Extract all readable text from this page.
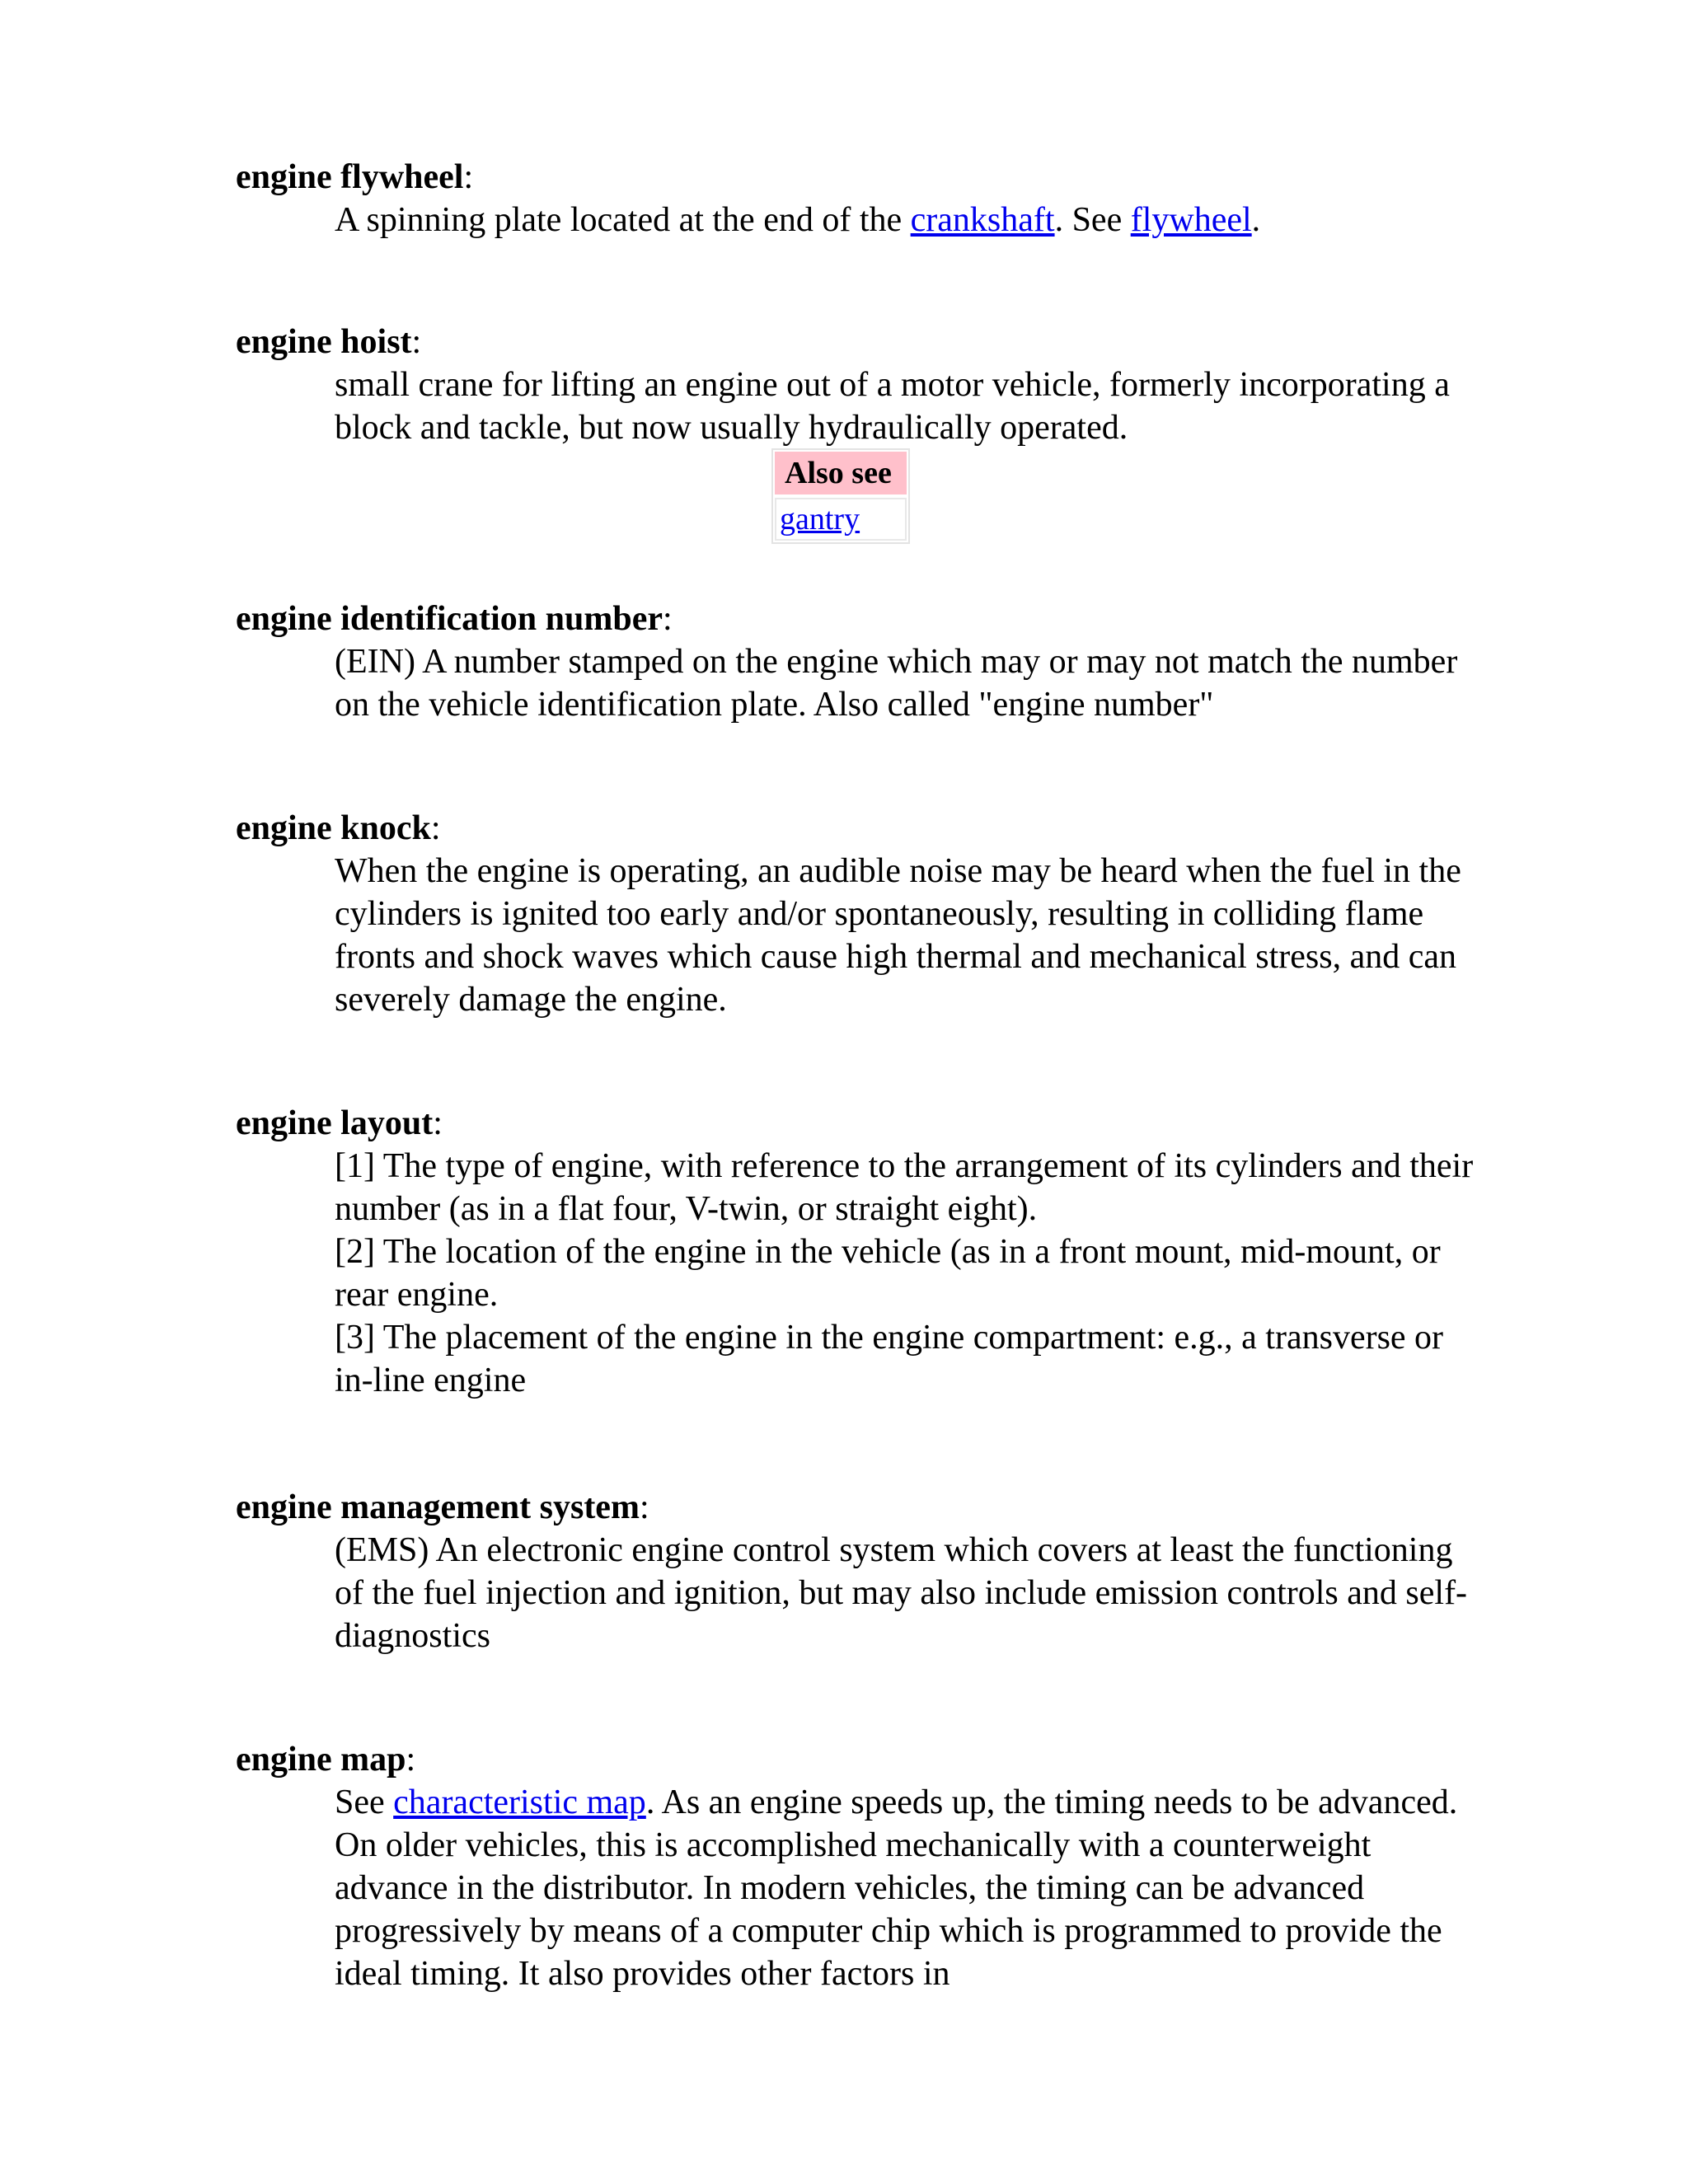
engine flywheel:
A spinning plate located at the end of the crankshaft. See flywheel.
engine hoist:
small crane for lifting an engine out of a motor vehicle, formerly incorporating a block and tackle, but now usually hydraulically operated.
Also see
gantry
engine identification number:
(EIN) A number stamped on the engine which may or may not match the number on the vehicle identification plate. Also called "engine number"
engine knock:
When the engine is operating, an audible noise may be heard when the fuel in the cylinders is ignited too early and/or spontaneously, resulting in colliding flame fronts and shock waves which cause high thermal and mechanical stress, and can severely damage the engine.
engine layout:

[1] The type of engine, with reference to the arrangement of its cylinders and their number (as in a flat four, V-twin, or straight eight).

[2] The location of the engine in the vehicle (as in a front mount, mid-mount, or rear engine.

[3] The placement of the engine in the engine compartment: e.g., a transverse or in-line engine

engine management system:
(EMS) An electronic engine control system which covers at least the functioning of the fuel injection and ignition, but may also include emission controls and self-diagnostics
engine map:
See characteristic map. As an engine speeds up, the timing needs to be advanced. On older vehicles, this is accomplished mechanically with a counterweight advance in the distributor. In modern vehicles, the timing can be advanced progressively by means of a computer chip which is programmed to provide the ideal timing. It also provides other factors in
